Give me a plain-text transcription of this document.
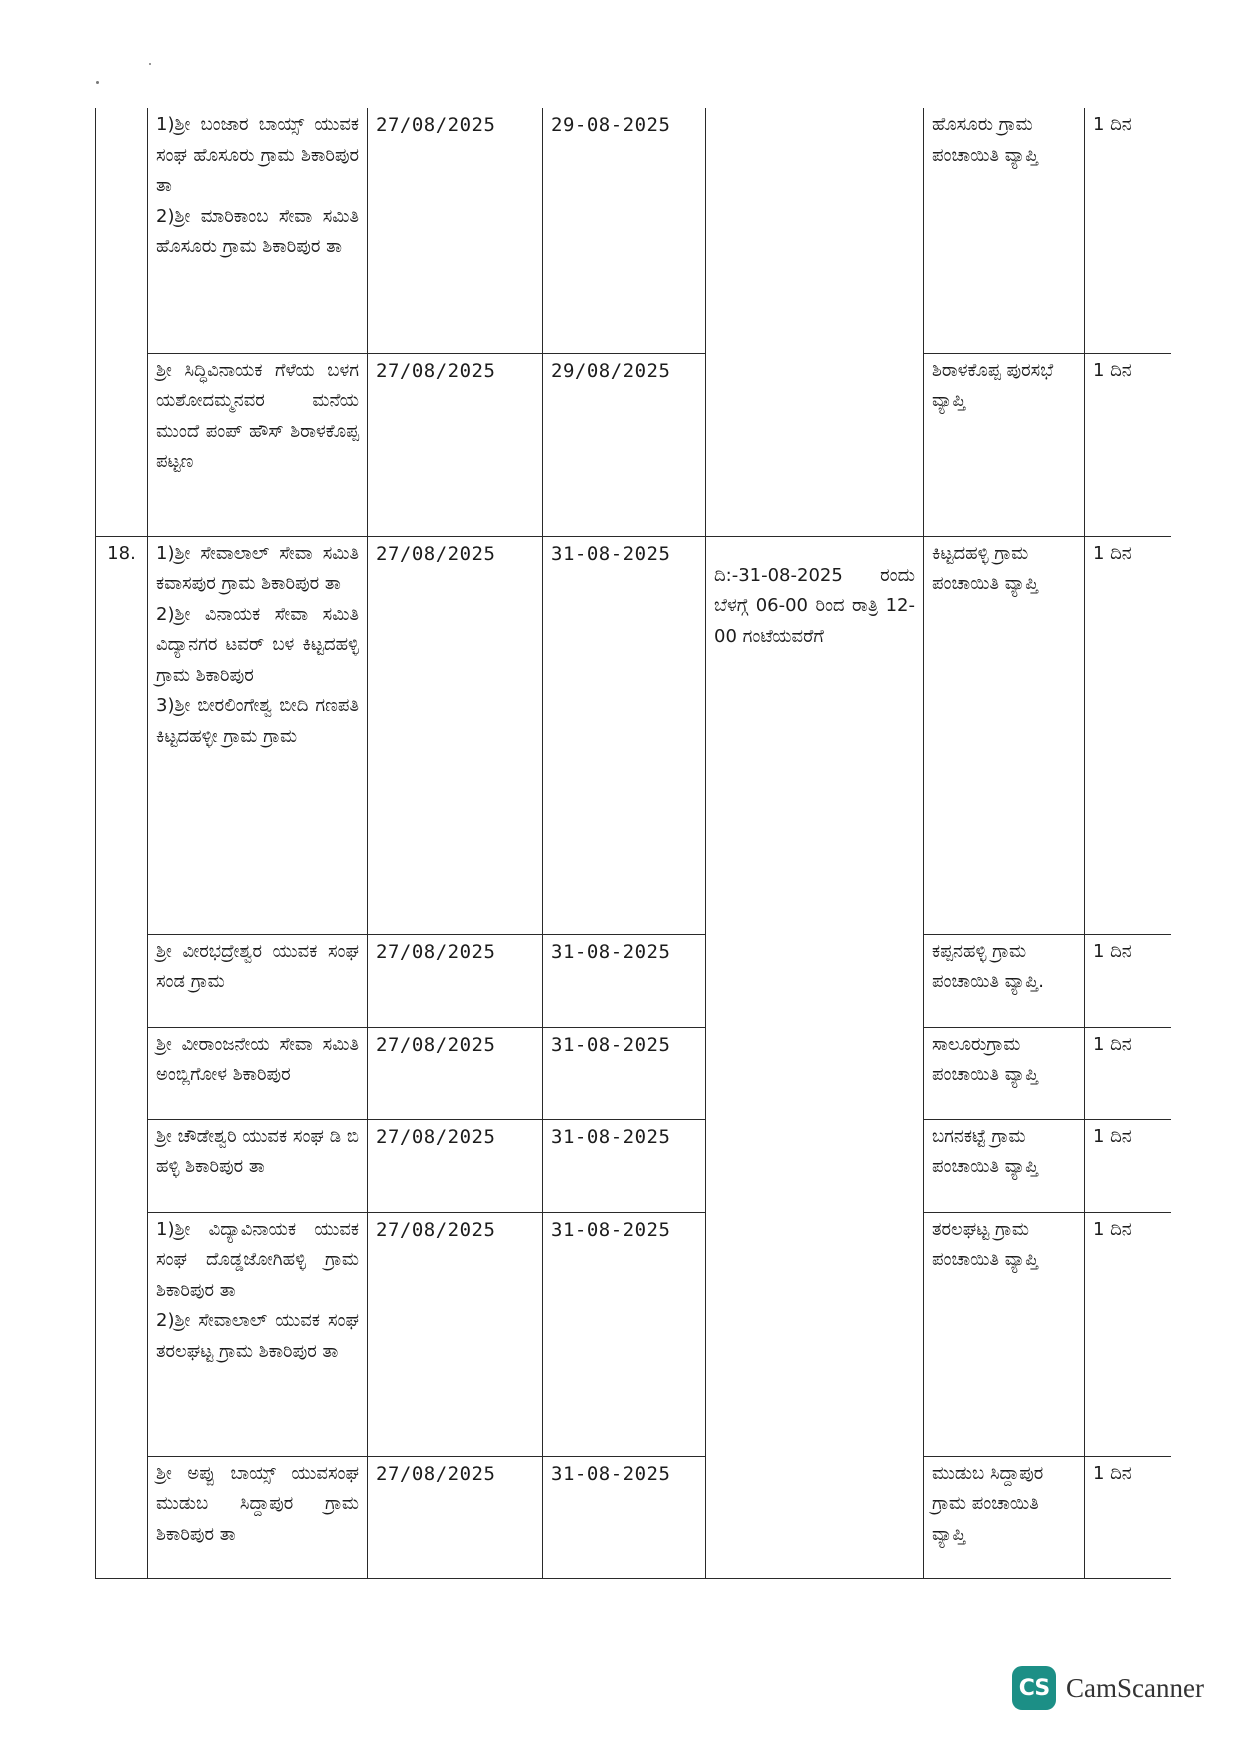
	1)ಶ್ರೀ ಬಂಜಾರ ಬಾಯ್ಸ್ ಯುವಕ ಸಂಘ ಹೊಸೂರು ಗ್ರಾಮ ಶಿಕಾರಿಪುರ ತಾ
2)ಶ್ರೀ ಮಾರಿಕಾಂಬ ಸೇವಾ ಸಮಿತಿ ಹೊಸೂರು ಗ್ರಾಮ ಶಿಕಾರಿಪುರ ತಾ	27/08/2025	29-08-2025		ಹೊಸೂರು ಗ್ರಾಮ ಪಂಚಾಯಿತಿ ವ್ಯಾಪ್ತಿ	1 ದಿನ

	ಶ್ರೀ ಸಿದ್ಧಿವಿನಾಯಕ ಗೆಳೆಯ ಬಳಗ ಯಶೋದಮ್ಮನವರ ಮನೆಯ ಮುಂದೆ ಪಂಪ್ ಹೌಸ್ ಶಿರಾಳಕೊಪ್ಪ ಪಟ್ಟಣ	27/08/2025	29/08/2025		ಶಿರಾಳಕೊಪ್ಪ ಪುರಸಭೆ ವ್ಯಾಪ್ತಿ	1 ದಿನ
18.	1)ಶ್ರೀ ಸೇವಾಲಾಲ್ ಸೇವಾ ಸಮಿತಿ ಕವಾಸಪುರ ಗ್ರಾಮ ಶಿಕಾರಿಪುರ ತಾ
2)ಶ್ರೀ ವಿನಾಯಕ ಸೇವಾ ಸಮಿತಿ ವಿದ್ಯಾನಗರ ಟವರ್ ಬಳ ಕಿಟ್ಟದಹಳ್ಳಿ ಗ್ರಾಮ ಶಿಕಾರಿಪುರ
3)ಶ್ರೀ ಬೀರಲಿಂಗೇಶ್ವ ಬೀದಿ ಗಣಪತಿ ಕಿಟ್ಟದಹಳ್ಳೀ ಗ್ರಾಮ ಗ್ರಾಮ	27/08/2025	31-08-2025	ದಿ:-31-08-2025 ರಂದು ಬೆಳಗ್ಗೆ 06-00 ರಿಂದ ರಾತ್ರಿ 12-00 ಗಂಟೆಯವರೆಗೆ	ಕಿಟ್ಟದಹಳ್ಳಿ ಗ್ರಾಮ ಪಂಚಾಯಿತಿ ವ್ಯಾಪ್ತಿ	1 ದಿನ

	ಶ್ರೀ ವೀರಭದ್ರೇಶ್ವರ ಯುವಕ ಸಂಘ ಸಂಡ ಗ್ರಾಮ	27/08/2025	31-08-2025		ಕಪ್ಪನಹಳ್ಳಿ ಗ್ರಾಮ ಪಂಚಾಯಿತಿ ವ್ಯಾಪ್ತಿ.	1 ದಿನ

	ಶ್ರೀ ವೀರಾಂಜನೇಯ ಸೇವಾ ಸಮಿತಿ ಅಂಬ್ಲಿಗೋಳ ಶಿಕಾರಿಪುರ	27/08/2025	31-08-2025		ಸಾಲೂರುಗ್ರಾಮ ಪಂಚಾಯಿತಿ ವ್ಯಾಪ್ತಿ	1 ದಿನ

	ಶ್ರೀ ಚೌಡೇಶ್ವರಿ ಯುವಕ ಸಂಘ ಡಿ ಬಿ ಹಳ್ಳಿ ಶಿಕಾರಿಪುರ ತಾ	27/08/2025	31-08-2025		ಬಗನಕಟ್ಟೆ ಗ್ರಾಮ ಪಂಚಾಯಿತಿ ವ್ಯಾಪ್ತಿ	1 ದಿನ

	1)ಶ್ರೀ ವಿದ್ಯಾವಿನಾಯಕ ಯುವಕ ಸಂಘ ದೊಡ್ಡಜೋಗಿಹಳ್ಳಿ ಗ್ರಾಮ ಶಿಕಾರಿಪುರ ತಾ
2)ಶ್ರೀ ಸೇವಾಲಾಲ್ ಯುವಕ ಸಂಘ ತರಲಘಟ್ಟ ಗ್ರಾಮ ಶಿಕಾರಿಪುರ ತಾ	27/08/2025	31-08-2025		ತರಲಘಟ್ಟ ಗ್ರಾಮ ಪಂಚಾಯಿತಿ ವ್ಯಾಪ್ತಿ	1 ದಿನ

	ಶ್ರೀ ಅಪ್ಪು ಬಾಯ್ಸ್ ಯುವಸಂಘ ಮುಡುಬ ಸಿದ್ದಾಪುರ ಗ್ರಾಮ ಶಿಕಾರಿಪುರ ತಾ	27/08/2025	31-08-2025		ಮುಡುಬ ಸಿದ್ದಾಪುರ ಗ್ರಾಮ ಪಂಚಾಯಿತಿ ವ್ಯಾಪ್ತಿ	1 ದಿನ
CS CamScanner
